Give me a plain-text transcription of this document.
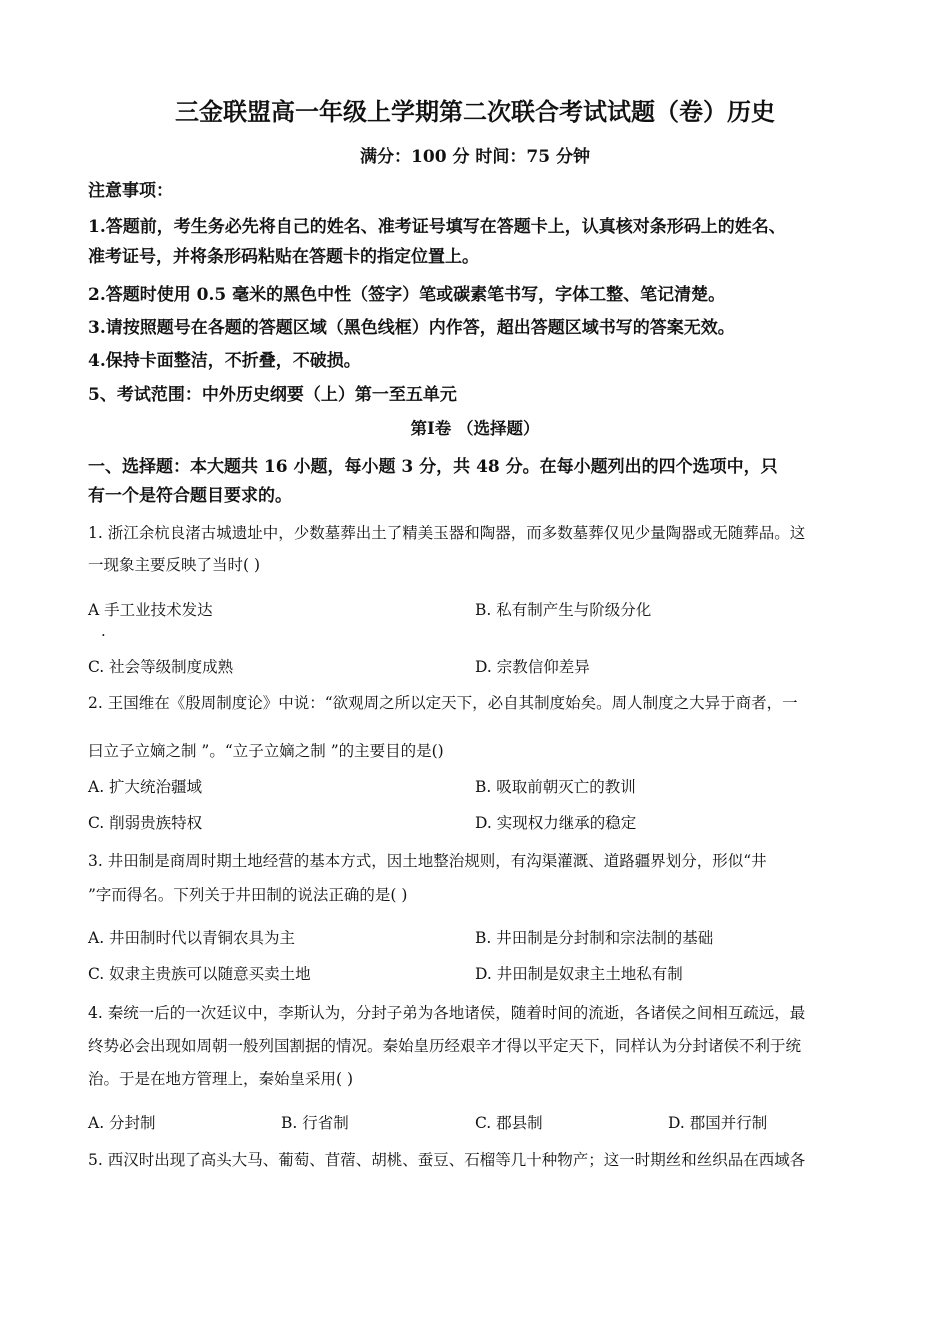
三金联盟高一年级上学期第二次联合考试试题（卷）历史
满分：100 分 时间：75 分钟
注意事项：
1.答题前，考生务必先将自己的姓名、准考证号填写在答题卡上，认真核对条形码上的姓名、
准考证号，并将条形码粘贴在答题卡的指定位置上。
2.答题时使用 0.5 毫米的黑色中性（签字）笔或碳素笔书写，字体工整、笔记清楚。
3.请按照题号在各题的答题区域（黑色线框）内作答，超出答题区域书写的答案无效。
4.保持卡面整洁，不折叠，不破损。
5、考试范围：中外历史纲要（上）第一至五单元
第Ⅰ卷 （选择题）
一、选择题：本大题共 16 小题，每小题 3 分，共 48 分。在每小题列出的四个选项中，只
有一个是符合题目要求的。
1. 浙江余杭良渚古城遗址中，少数墓葬出土了精美玉器和陶器，而多数墓葬仅见少量陶器或无随葬品。这
一现象主要反映了当时( )
A 手工业技术发达	B. 私有制产生与阶级分化
.
C. 社会等级制度成熟	D. 宗教信仰差异
2. 王国维在《殷周制度论》中说：“欲观周之所以定天下，必自其制度始矣。周人制度之大异于商者，一
曰立子立嫡之制 ”。“立子立嫡之制 ”的主要目的是()
A. 扩大统治疆域	B. 吸取前朝灭亡的教训
C. 削弱贵族特权	D. 实现权力继承的稳定
3. 井田制是商周时期土地经营的基本方式，因土地整治规则，有沟渠灌溉、道路疆界划分，形似“井
”字而得名。下列关于井田制的说法正确的是( )
A. 井田制时代以青铜农具为主	B. 井田制是分封制和宗法制的基础
C. 奴隶主贵族可以随意买卖土地	D. 井田制是奴隶主土地私有制
4. 秦统一后的一次廷议中，李斯认为，分封子弟为各地诸侯，随着时间的流逝，各诸侯之间相互疏远，最
终势必会出现如周朝一般列国割据的情况。秦始皇历经艰辛才得以平定天下，同样认为分封诸侯不利于统
治。于是在地方管理上，秦始皇采用( )
A. 分封制	B. 行省制	C. 郡县制	D. 郡国并行制
5. 西汉时出现了高头大马、葡萄、苜蓿、胡桃、蚕豆、石榴等几十种物产；这一时期丝和丝织品在西域各
